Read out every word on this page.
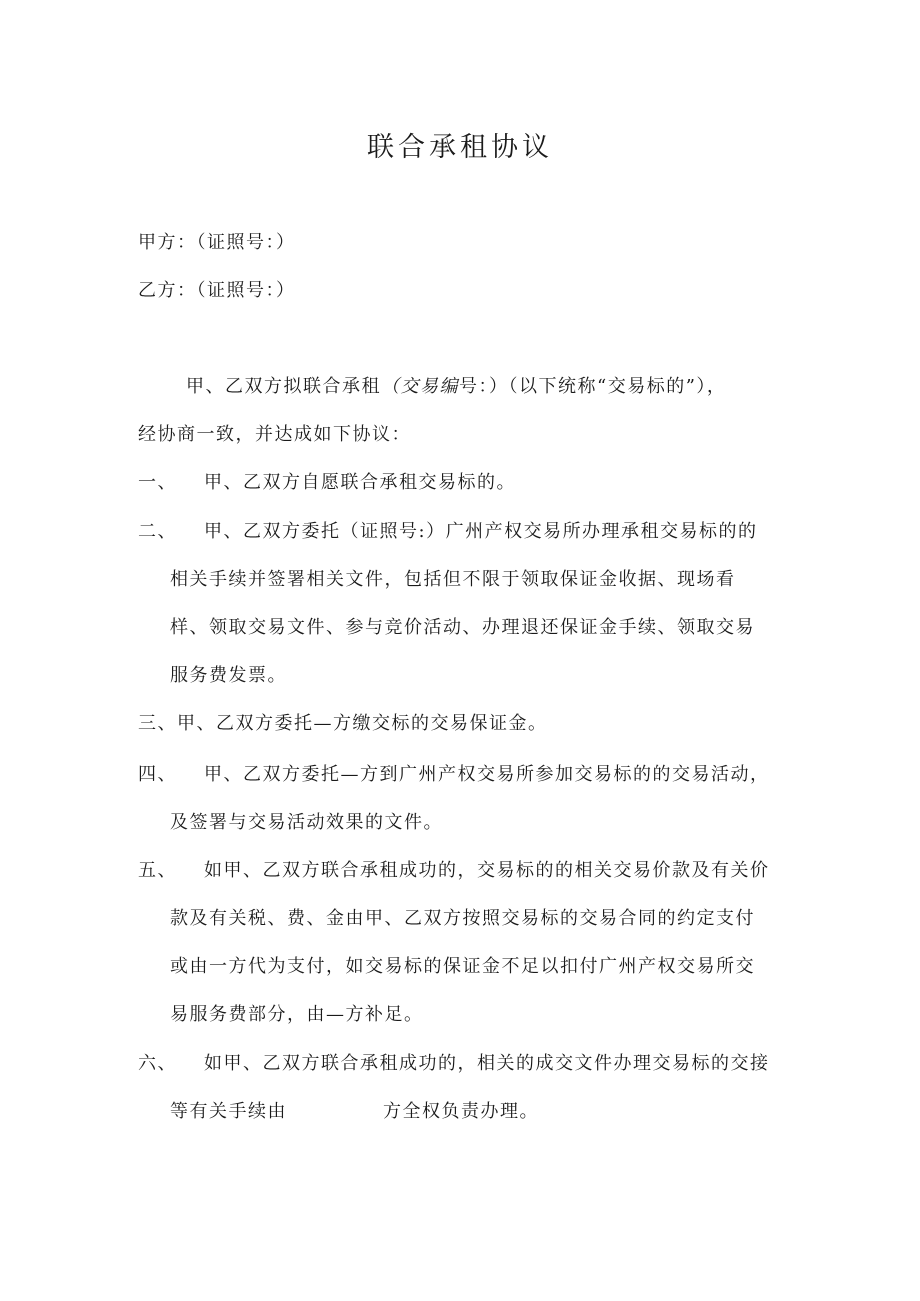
联合承租协议
甲方：（证照号：）
乙方：（证照号：）
甲、乙双方拟联合承租（交易编号：）（以下统称“交易标的”），
经协商一致，并达成如下协议：
一、 甲、乙双方自愿联合承租交易标的。
二、 甲、乙双方委托（证照号:）广州产权交易所办理承租交易标的的
相关手续并签署相关文件，包括但不限于领取保证金收据、现场看
样、领取交易文件、参与竞价活动、办理退还保证金手续、领取交易
服务费发票。
三、甲、乙双方委托—方缴交标的交易保证金。
四、 甲、乙双方委托—方到广州产权交易所参加交易标的的交易活动，
及签署与交易活动效果的文件。
五、 如甲、乙双方联合承租成功的，交易标的的相关交易价款及有关价
款及有关税、费、金由甲、乙双方按照交易标的交易合同的约定支付
或由一方代为支付，如交易标的保证金不足以扣付广州产权交易所交
易服务费部分，由—方补足。
六、 如甲、乙双方联合承租成功的，相关的成交文件办理交易标的交接
等有关手续由	方全权负责办理。
